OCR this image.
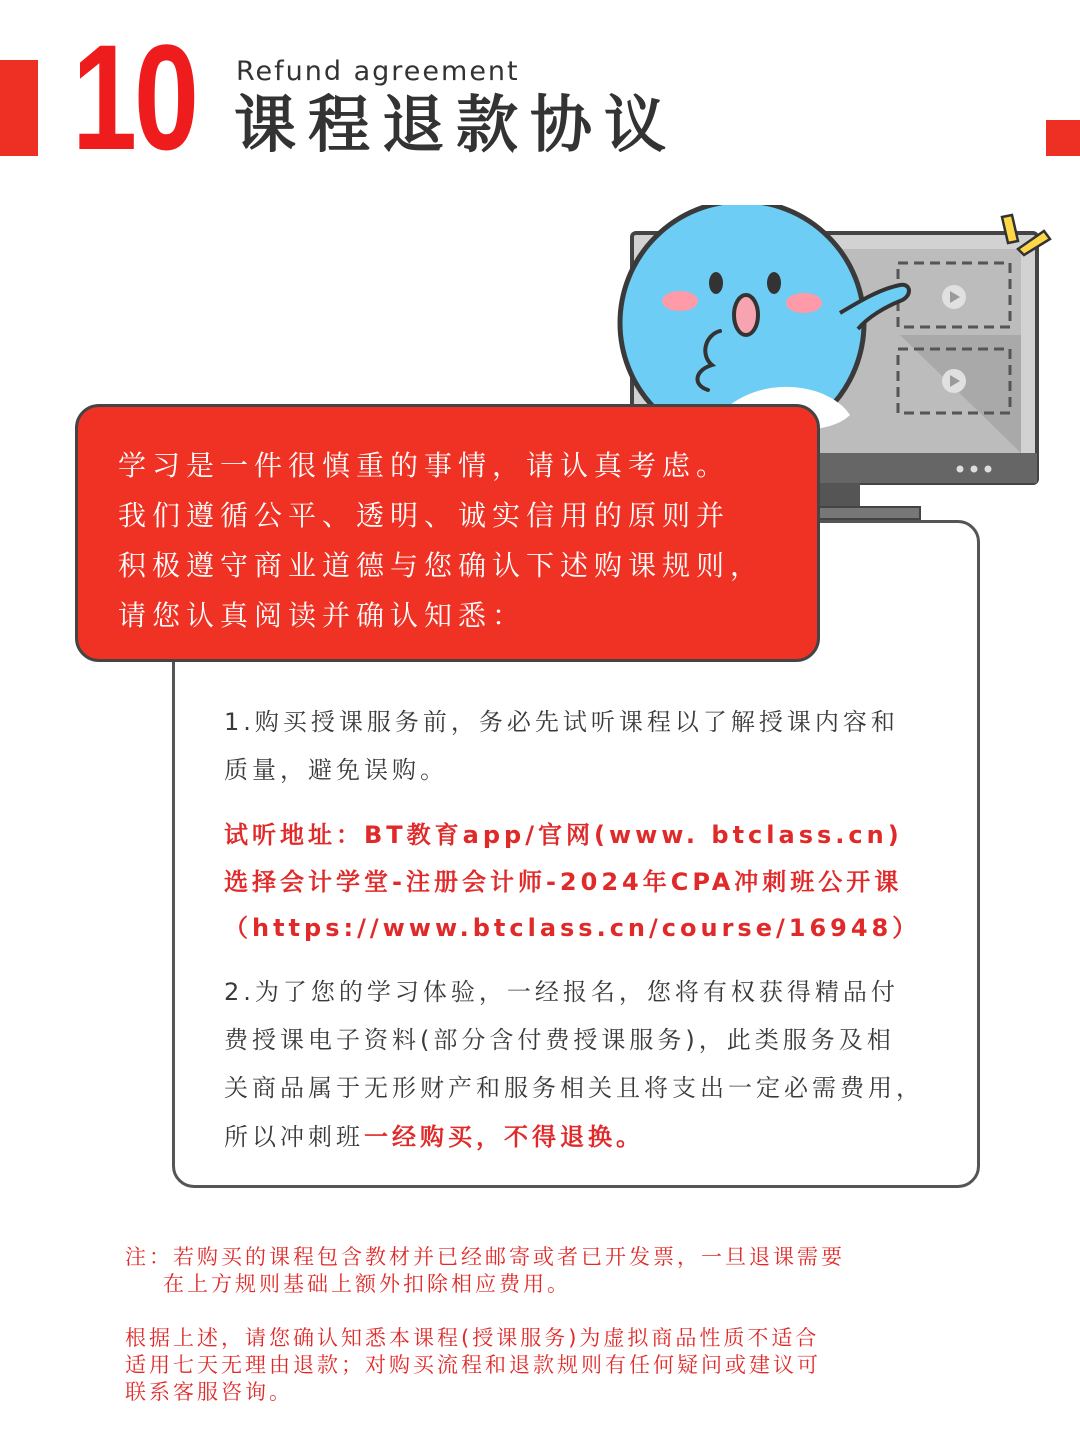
10 Refund agreement
课程退款协议

学习是一件很慎重的事情，请认真考虑。

我们遵循公平、透明、诚实信用的原则并

积极遵守商业道德与您确认下述购课规则，

请您认真阅读并确认知悉：

1.购买授课服务前，务必先试听课程以了解授课内容和
质量，避免误购。
试听地址：BT教育app/官网(www. btclass.cn)
选择会计学堂-注册会计师-2024年CPA冲刺班公开课
（https://www.btclass.cn/course/16948）
2.为了您的学习体验，一经报名，您将有权获得精品付
费授课电子资料(部分含付费授课服务)，此类服务及相
关商品属于无形财产和服务相关且将支出一定必需费用，
所以冲刺班一经购买，不得退换。
注：若购买的课程包含教材并已经邮寄或者已开发票，一旦退课需要
在上方规则基础上额外扣除相应费用。
根据上述，请您确认知悉本课程(授课服务)为虚拟商品性质不适合
适用七天无理由退款；对购买流程和退款规则有任何疑问或建议可
联系客服咨询。
